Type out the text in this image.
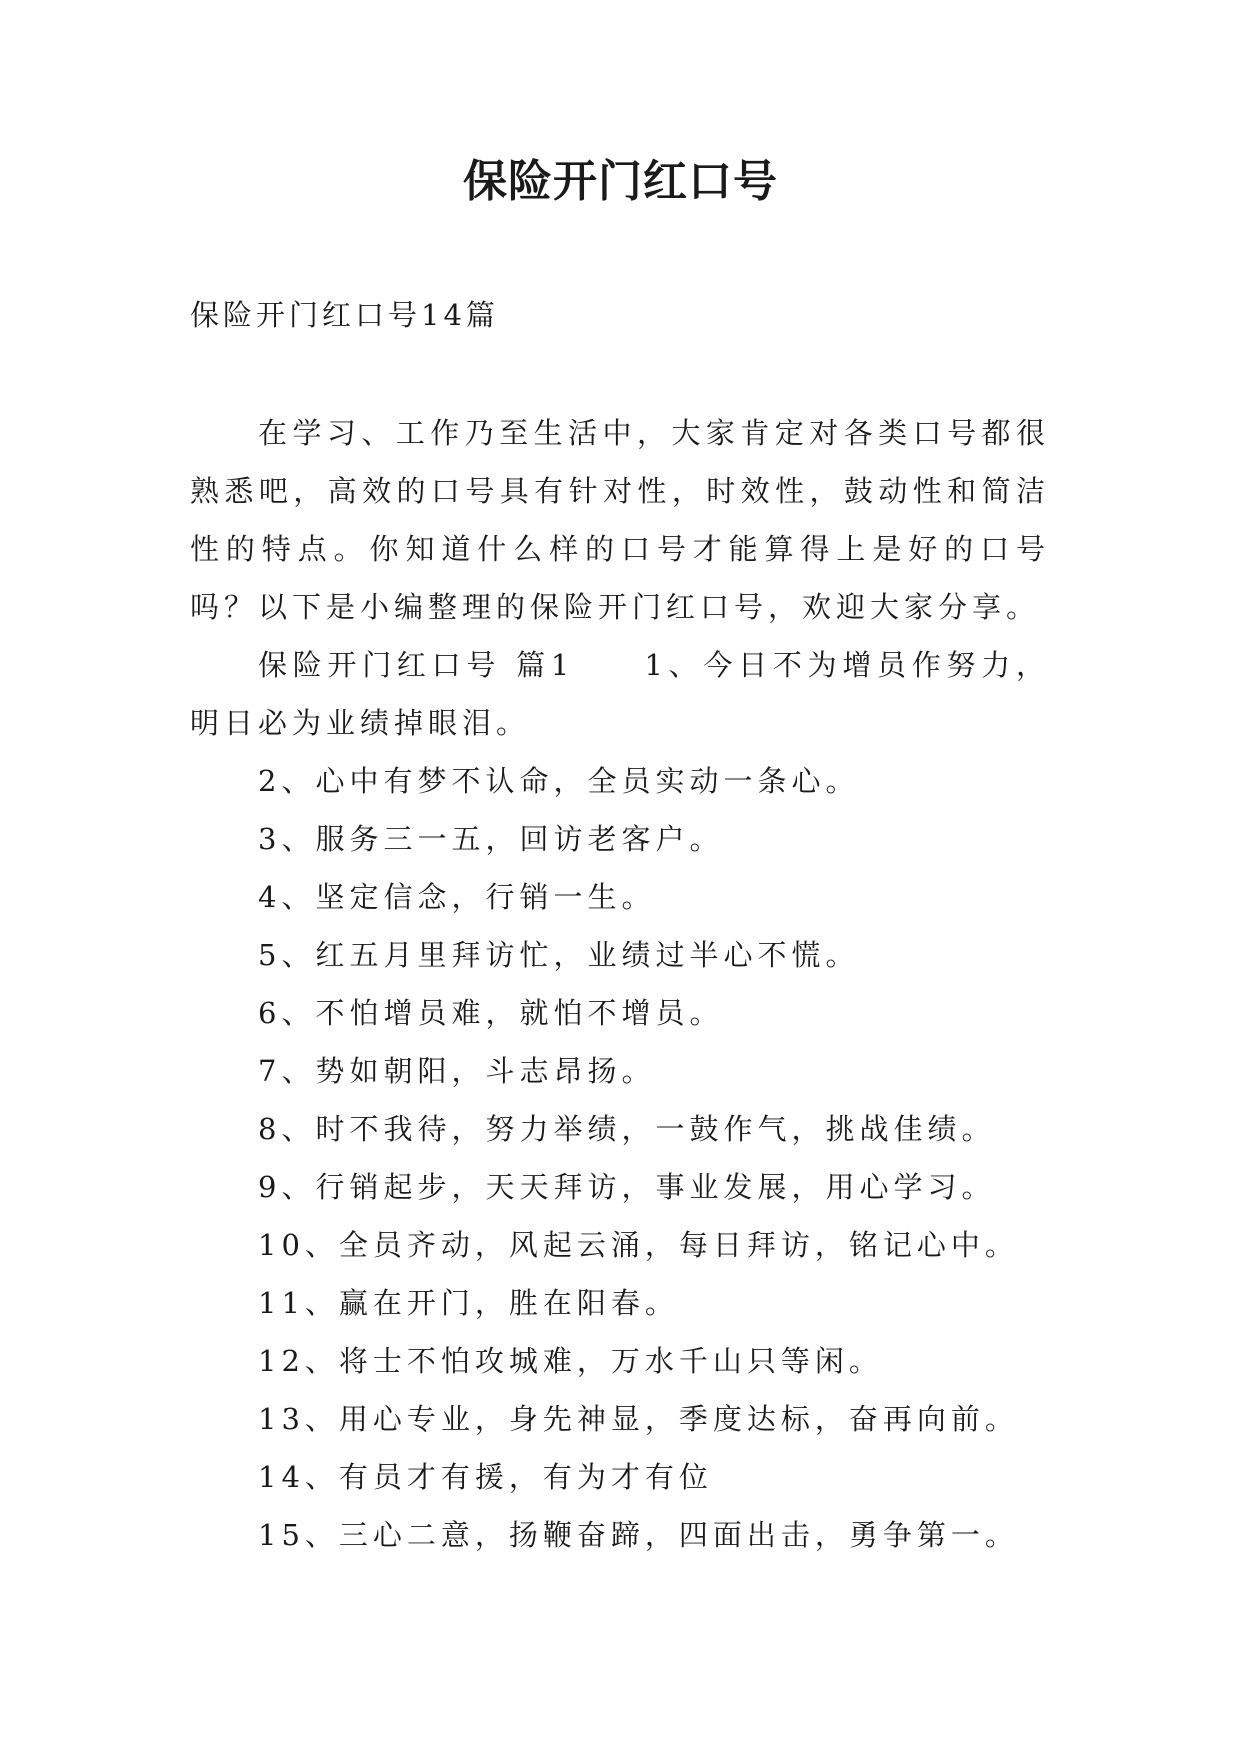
保险开门红口号
保险开门红口号14篇

在学习、工作乃至生活中，大家肯定对各类口号都很熟悉吧，高效的口号具有针对性，时效性，鼓动性和简洁性的特点。你知道什么样的口号才能算得上是好的口号吗？以下是小编整理的保险开门红口号，欢迎大家分享。

保险开门红口号 篇1　　1、今日不为增员作努力，明日必为业绩掉眼泪。

2、心中有梦不认命，全员实动一条心。

3、服务三一五，回访老客户。

4、坚定信念，行销一生。

5、红五月里拜访忙，业绩过半心不慌。

6、不怕增员难，就怕不增员。

7、势如朝阳，斗志昂扬。

8、时不我待，努力举绩，一鼓作气，挑战佳绩。

9、行销起步，天天拜访，事业发展，用心学习。

10、全员齐动，风起云涌，每日拜访，铭记心中。

11、赢在开门，胜在阳春。

12、将士不怕攻城难，万水千山只等闲。

13、用心专业，身先神显，季度达标，奋再向前。

14、有员才有援，有为才有位

15、三心二意，扬鞭奋蹄，四面出击，勇争第一。
